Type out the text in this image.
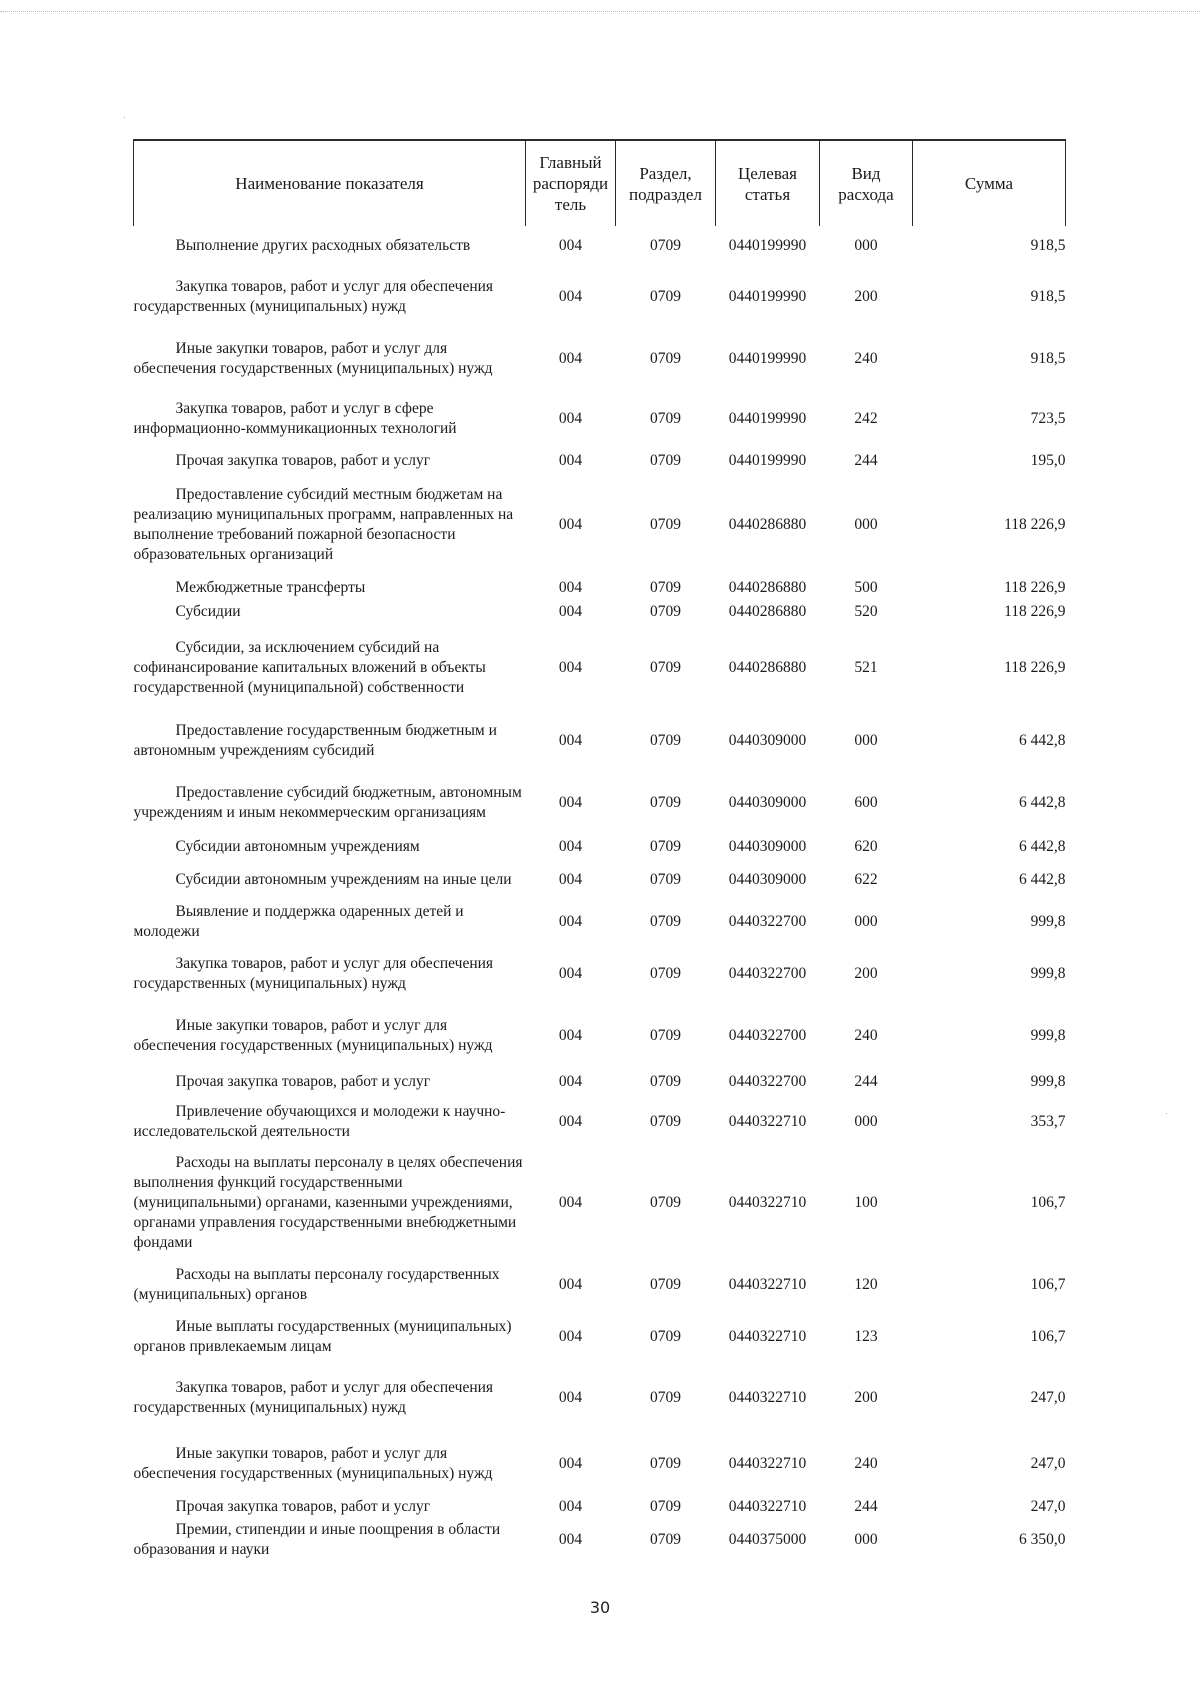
Наименование показателя	Главный распоряди тель	Раздел, подраздел	Целевая статья	Вид расхода	Сумма

Выполнение других расходных обязательств	004	0709	0440199990	000	918,5

Закупка товаров, работ и услуг для обеспечения государственных (муниципальных) нужд	004	0709	0440199990	200	918,5

Иные закупки товаров, работ и услуг для обеспечения государственных (муниципальных) нужд	004	0709	0440199990	240	918,5

Закупка товаров, работ и услуг в сфере информационно-коммуникационных технологий	004	0709	0440199990	242	723,5

Прочая закупка товаров, работ и услуг	004	0709	0440199990	244	195,0

Предоставление субсидий местным бюджетам на реализацию муниципальных программ, направленных на выполнение требований пожарной безопасности образовательных организаций	004	0709	0440286880	000	118 226,9

Межбюджетные трансферты	004	0709	0440286880	500	118 226,9

Субсидии	004	0709	0440286880	520	118 226,9

Субсидии, за исключением субсидий на софинансирование капитальных вложений в объекты государственной (муниципальной) собственности	004	0709	0440286880	521	118 226,9

Предоставление государственным бюджетным и автономным учреждениям субсидий	004	0709	0440309000	000	6 442,8

Предоставление субсидий бюджетным, автономным учреждениям и иным некоммерческим организациям	004	0709	0440309000	600	6 442,8

Субсидии автономным учреждениям	004	0709	0440309000	620	6 442,8

Субсидии автономным учреждениям на иные цели	004	0709	0440309000	622	6 442,8

Выявление и поддержка одаренных детей и молодежи	004	0709	0440322700	000	999,8

Закупка товаров, работ и услуг для обеспечения государственных (муниципальных) нужд	004	0709	0440322700	200	999,8

Иные закупки товаров, работ и услуг для обеспечения государственных (муниципальных) нужд	004	0709	0440322700	240	999,8

Прочая закупка товаров, работ и услуг	004	0709	0440322700	244	999,8

Привлечение обучающихся и молодежи к научно-исследовательской деятельности	004	0709	0440322710	000	353,7

Расходы на выплаты персоналу в целях обеспечения выполнения функций государственными (муниципальными) органами, казенными учреждениями, органами управления государственными внебюджетными фондами	004	0709	0440322710	100	106,7

Расходы на выплаты персоналу государственных (муниципальных) органов	004	0709	0440322710	120	106,7

Иные выплаты государственных (муниципальных) органов привлекаемым лицам	004	0709	0440322710	123	106,7

Закупка товаров, работ и услуг для обеспечения государственных (муниципальных) нужд	004	0709	0440322710	200	247,0

Иные закупки товаров, работ и услуг для обеспечения государственных (муниципальных) нужд	004	0709	0440322710	240	247,0

Прочая закупка товаров, работ и услуг	004	0709	0440322710	244	247,0

Премии, стипендии и иные поощрения в области образования и науки	004	0709	0440375000	000	6 350,0
30
